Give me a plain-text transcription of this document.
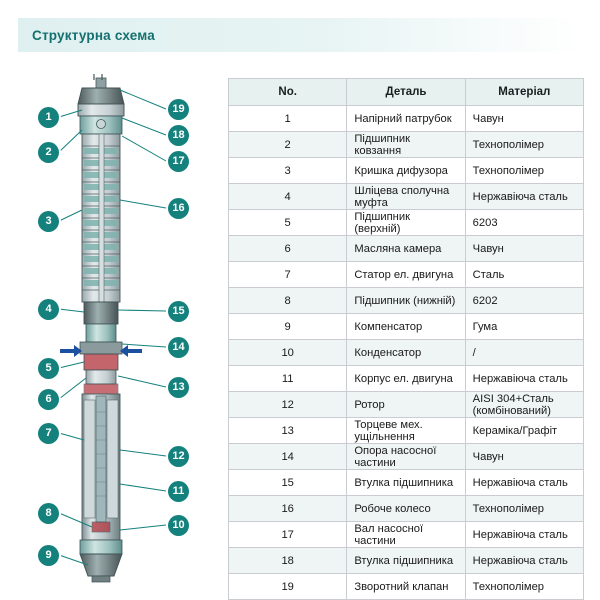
Структурна схема
1
2
3
4
5
6
7
8
9
19
18
17
16
15
14
13
12
11
10
No.	Деталь	Матеріал
1	Напірний патрубок	Чавун
2	Підшипник ковзання	Технополімер
3	Кришка дифузора	Технополімер
4	Шліцева сполучна муфта	Нержавіюча сталь
5	Підшипник (верхній)	6203
6	Масляна камера	Чавун
7	Статор ел. двигуна	Сталь
8	Підшипник (нижній)	6202
9	Компенсатор	Гума
10	Конденсатор	/
11	Корпус ел. двигуна	Нержавіюча сталь
12	Ротор	AISI 304+Сталь (комбінований)
13	Торцеве мех. ущільнення	Кераміка/Графіт
14	Опора насосної частини	Чавун
15	Втулка підшипника	Нержавіюча сталь
16	Робоче колесо	Технополімер
17	Вал насосної частини	Нержавіюча сталь
18	Втулка підшипника	Нержавіюча сталь
19	Зворотний клапан	Технополімер
